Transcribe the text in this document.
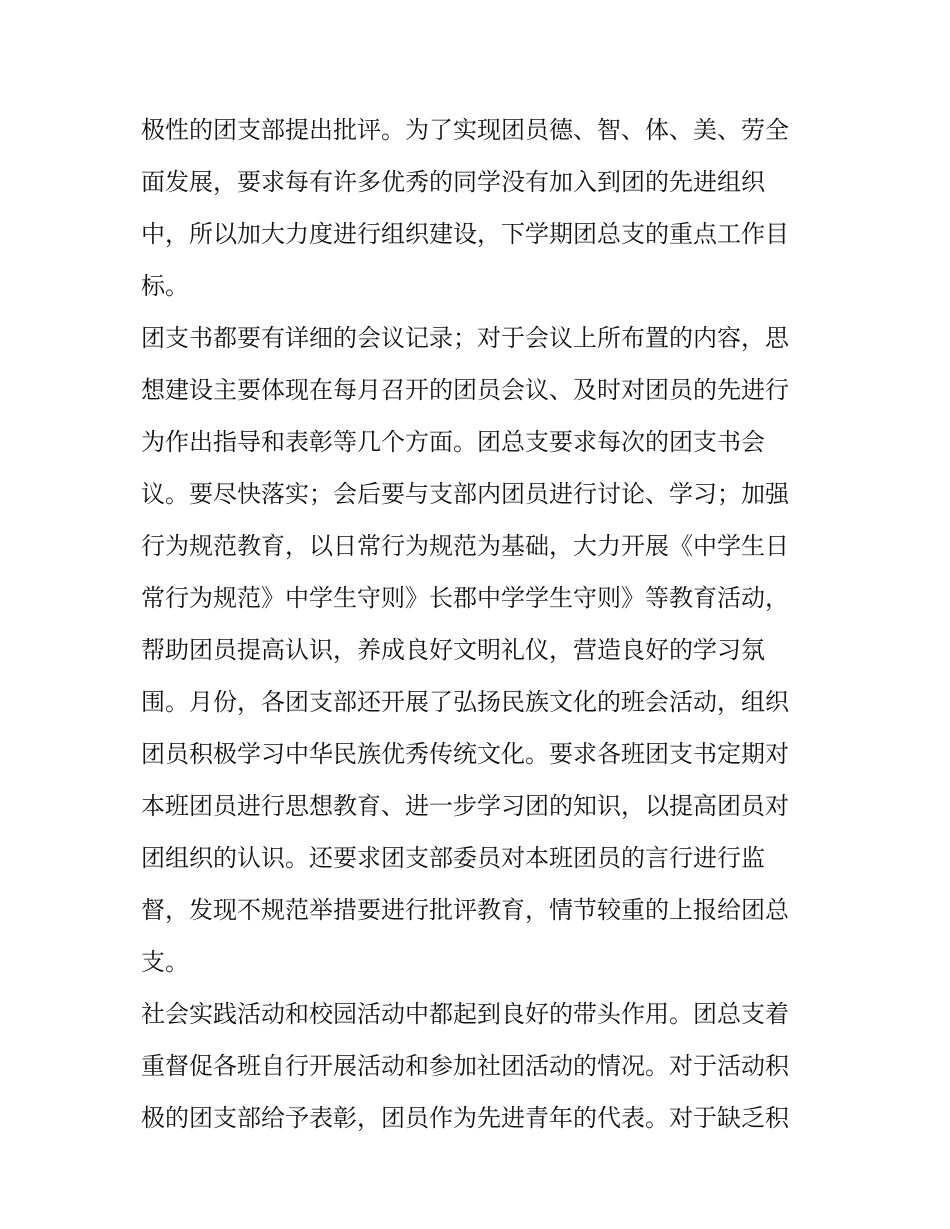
极性的团支部提出批评。为了实现团员德、智、体、美、劳全
面发展，要求每有许多优秀的同学没有加入到团的先进组织
中，所以加大力度进行组织建设，下学期团总支的重点工作目
标。
团支书都要有详细的会议记录；对于会议上所布置的内容，思
想建设主要体现在每月召开的团员会议、及时对团员的先进行
为作出指导和表彰等几个方面。团总支要求每次的团支书会
议。要尽快落实；会后要与支部内团员进行讨论、学习；加强
行为规范教育，以日常行为规范为基础，大力开展《中学生日
常行为规范》中学生守则》长郡中学学生守则》等教育活动，
帮助团员提高认识，养成良好文明礼仪，营造良好的学习氛
围。月份，各团支部还开展了弘扬民族文化的班会活动，组织
团员积极学习中华民族优秀传统文化。要求各班团支书定期对
本班团员进行思想教育、进一步学习团的知识，以提高团员对
团组织的认识。还要求团支部委员对本班团员的言行进行监
督，发现不规范举措要进行批评教育，情节较重的上报给团总
支。
社会实践活动和校园活动中都起到良好的带头作用。团总支着
重督促各班自行开展活动和参加社团活动的情况。对于活动积
极的团支部给予表彰，团员作为先进青年的代表。对于缺乏积
